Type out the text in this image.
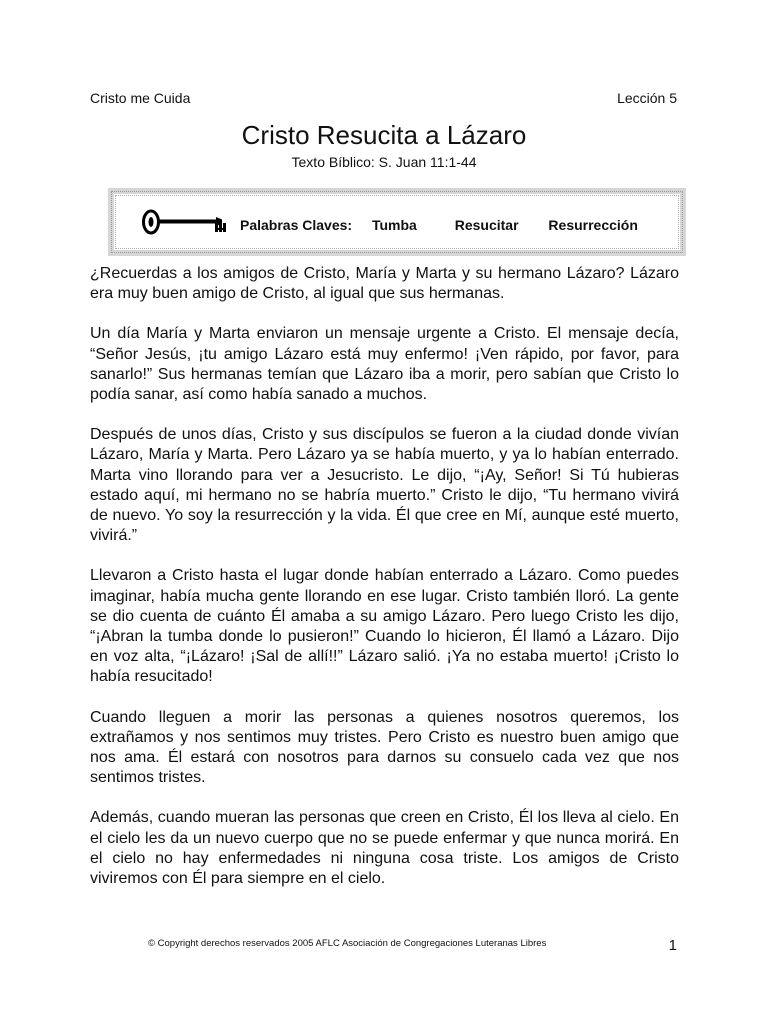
Cristo me Cuida	Lección 5
Cristo Resucita a Lázaro
Texto Bíblico: S. Juan 11:1-44
Palabras Claves: Tumba	Resucitar Resurrección

¿Recuerdas a los amigos de Cristo, María y Marta y su hermano Lázaro? Lázaro era muy buen amigo de Cristo, al igual que sus hermanas.

Un día María y Marta enviaron un mensaje urgente a Cristo. El mensaje decía, “Señor Jesús, ¡tu amigo Lázaro está muy enfermo! ¡Ven rápido, por favor, para sanarlo!” Sus hermanas temían que Lázaro iba a morir, pero sabían que Cristo lo podía sanar, así como había sanado a muchos.

Después de unos días, Cristo y sus discípulos se fueron a la ciudad donde vivían Lázaro, María y Marta. Pero Lázaro ya se había muerto, y ya lo habían enterrado. Marta vino llorando para ver a Jesucristo. Le dijo, “¡Ay, Señor! Si Tú hubieras estado aquí, mi hermano no se habría muerto.” Cristo le dijo, “Tu hermano vivirá de nuevo. Yo soy la resurrección y la vida. Él que cree en Mí, aunque esté muerto, vivirá.”

Llevaron a Cristo hasta el lugar donde habían enterrado a Lázaro. Como puedes imaginar, había mucha gente llorando en ese lugar. Cristo también lloró. La gente se dio cuenta de cuánto Él amaba a su amigo Lázaro. Pero luego Cristo les dijo, “¡Abran la tumba donde lo pusieron!” Cuando lo hicieron, Él llamó a Lázaro. Dijo en voz alta, “¡Lázaro! ¡Sal de allí!!” Lázaro salió. ¡Ya no estaba muerto! ¡Cristo lo había resucitado!

Cuando lleguen a morir las personas a quienes nosotros queremos, los extrañamos y nos sentimos muy tristes. Pero Cristo es nuestro buen amigo que nos ama. Él estará con nosotros para darnos su consuelo cada vez que nos sentimos tristes.

Además, cuando mueran las personas que creen en Cristo, Él los lleva al cielo. En el cielo les da un nuevo cuerpo que no se puede enfermar y que nunca morirá. En el cielo no hay enfermedades ni ninguna cosa triste. Los amigos de Cristo viviremos con Él para siempre en el cielo.

© Copyright derechos reservados 2005 AFLC Asociación de Congregaciones Luteranas Libres	1
